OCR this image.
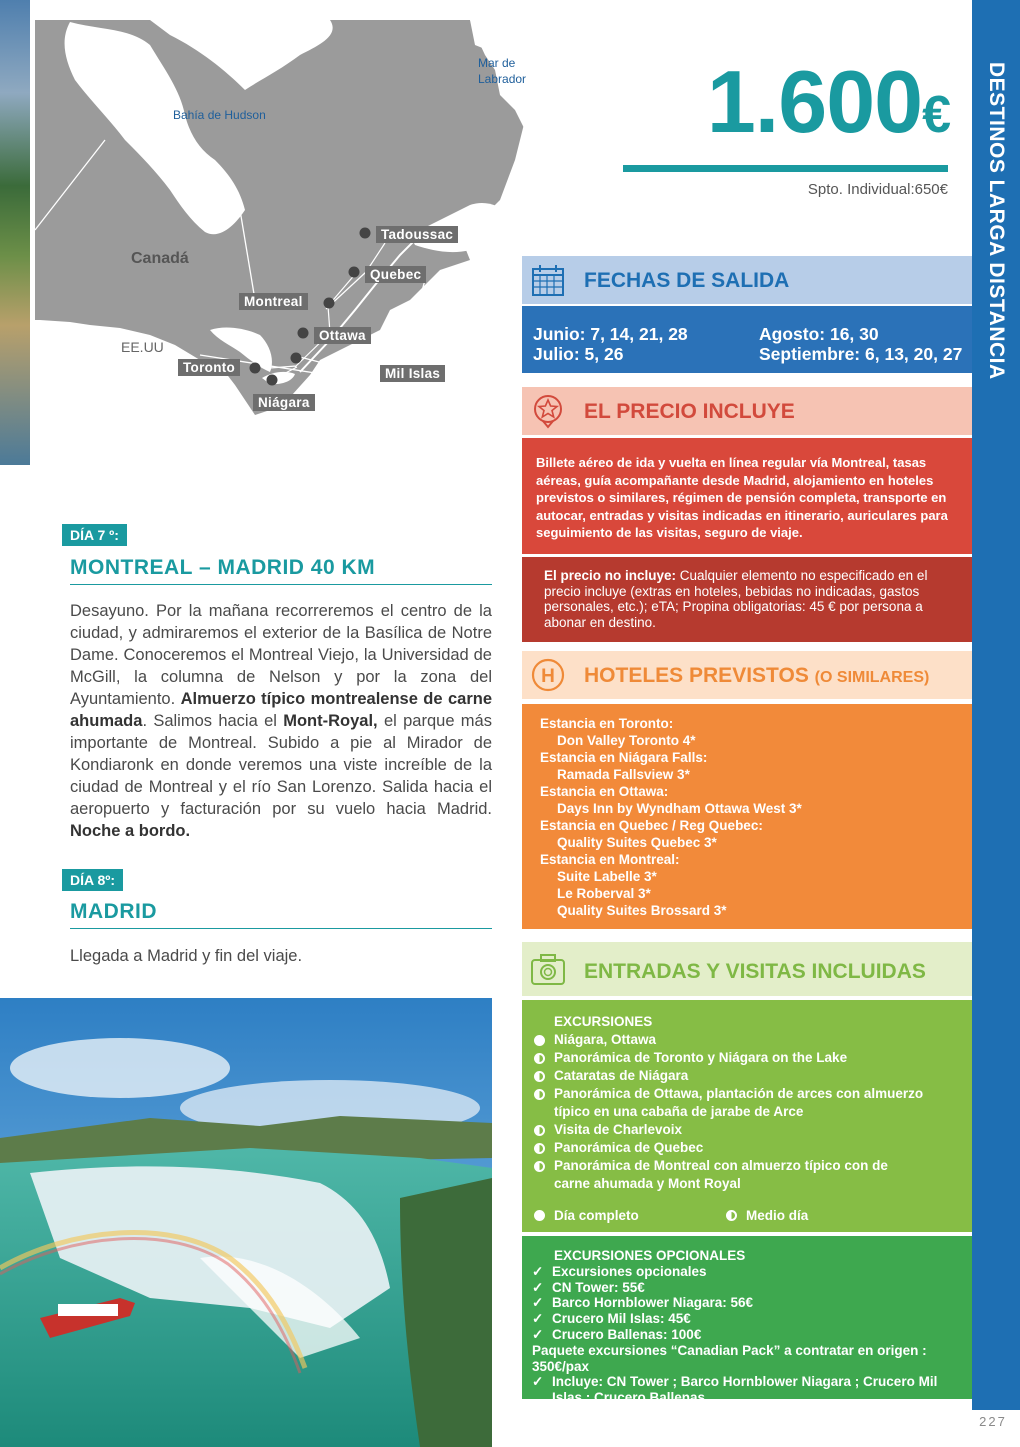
DESTINOS LARGA DISTANCIA
227
Bahía de Hudson
Mar de Labrador
Canadá
EE.UU
Tadoussac
Quebec
Montreal
Ottawa
Toronto	Mil Islas
Niágara
1.600€
Spto. Individual:650€
FECHAS DE SALIDA
Junio: 7, 14, 21, 28
Julio: 5, 26
Agosto: 16, 30
Septiembre: 6, 13, 20, 27
EL PRECIO INCLUYE
Billete aéreo de ida y vuelta en línea regular vía Montreal, tasas aéreas, guía acompañante desde Madrid, alojamiento en hoteles previstos o similares, régimen de pensión completa, transporte en autocar, entradas y visitas indicadas en itinerario, auriculares para seguimiento de las visitas, seguro de viaje.
El precio no incluye: Cualquier elemento no especificado en el precio incluye (extras en hoteles, bebidas no indicadas, gastos personales, etc.); eTA; Propina obligatorias: 45 € por persona a abonar en destino.
H HOTELES PREVISTOS (O SIMILARES)
Estancia en Toronto:
Don Valley Toronto 4*
Estancia en Niágara Falls:
Ramada Fallsview 3*
Estancia en Ottawa:
Days Inn by Wyndham Ottawa West 3*
Estancia en Quebec / Reg Quebec:
Quality Suites Quebec 3*
Estancia en Montreal:
Suite Labelle 3*
Le Roberval 3*
Quality Suites Brossard 3*
ENTRADAS Y VISITAS INCLUIDAS
EXCURSIONES
Niágara, Ottawa
Panorámica de Toronto y Niágara on the Lake
Cataratas de Niágara
Panorámica de Ottawa, plantación de arces con almuerzo típico en una cabaña de jarabe de Arce
Visita de Charlevoix
Panorámica de Quebec
Panorámica de Montreal con almuerzo típico con de carne ahumada y Mont Royal
Día completo	Medio día
EXCURSIONES OPCIONALES
✓ Excursiones opcionales
✓ CN Tower: 55€
✓ Barco Hornblower Niagara: 56€
✓ Crucero Mil Islas: 45€
✓ Crucero Ballenas: 100€
Paquete excursiones “Canadian Pack” a contratar en origen : 350€/pax
✓ Incluye: CN Tower ; Barco Hornblower Niagara ; Crucero Mil Islas ; Crucero Ballenas
DÍA 7 º:
MONTREAL – MADRID 40 KM
Desayuno. Por la mañana recorreremos el centro de la ciudad, y admiraremos el exterior de la Basílica de Notre Dame. Conoceremos el Montreal Viejo, la Universidad de McGill, la columna de Nelson y por la zona del Ayuntamiento. Almuerzo típico montrealense de carne ahumada. Salimos hacia el Mont-Royal, el parque más importante de Montreal. Subido a pie al Mirador de Kondiaronk en donde veremos una viste increíble de la ciudad de Montreal y el río San Lorenzo. Salida hacia el aeropuerto y facturación por su vuelo hacia Madrid. Noche a bordo.
DÍA 8º:
MADRID
Llegada a Madrid y fin del viaje.
